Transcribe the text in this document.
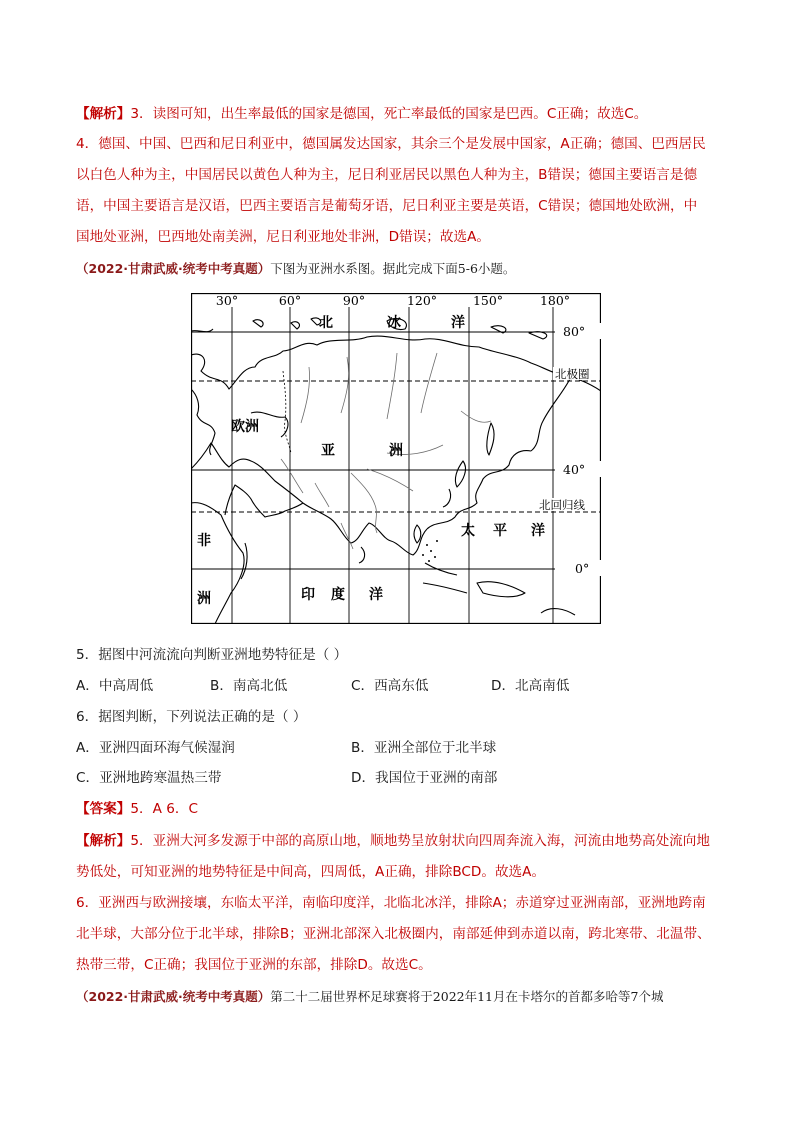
【解析】3．读图可知，出生率最低的国家是德国，死亡率最低的国家是巴西。C正确；故选C。
4．德国、中国、巴西和尼日利亚中，德国属发达国家，其余三个是发展中国家，A正确；德国、巴西居民
以白色人种为主，中国居民以黄色人种为主，尼日利亚居民以黑色人种为主，B错误；德国主要语言是德
语，中国主要语言是汉语，巴西主要语言是葡萄牙语，尼日利亚主要是英语，C错误；德国地处欧洲，中
国地处亚洲，巴西地处南美洲，尼日利亚地处非洲，D错误；故选A。
（2022·甘肃武威·统考中考真题）下图为亚洲水系图。据此完成下面5-6小题。
30°	60°	90°	120°	150°	180°
80°
40°
0°
北极圈
北回归线
北	冰	洋
欧洲
亚	洲
太 平 洋
非
洲	印 度 洋
5．据图中河流流向判断亚洲地势特征是（ ）
A．中高周低	B．南高北低	C．西高东低	D．北高南低
6．据图判断，下列说法正确的是（ ）
A．亚洲四面环海气候湿润	B．亚洲全部位于北半球
C．亚洲地跨寒温热三带	D．我国位于亚洲的南部
【答案】5．A 6．C
【解析】5．亚洲大河多发源于中部的高原山地，顺地势呈放射状向四周奔流入海，河流由地势高处流向地
势低处，可知亚洲的地势特征是中间高，四周低，A正确，排除BCD。故选A。
6．亚洲西与欧洲接壤，东临太平洋，南临印度洋，北临北冰洋，排除A；赤道穿过亚洲南部，亚洲地跨南
北半球，大部分位于北半球，排除B；亚洲北部深入北极圈内，南部延伸到赤道以南，跨北寒带、北温带、
热带三带，C正确；我国位于亚洲的东部，排除D。故选C。
（2022·甘肃武威·统考中考真题）第二十二届世界杯足球赛将于2022年11月在卡塔尔的首都多哈等7个城
